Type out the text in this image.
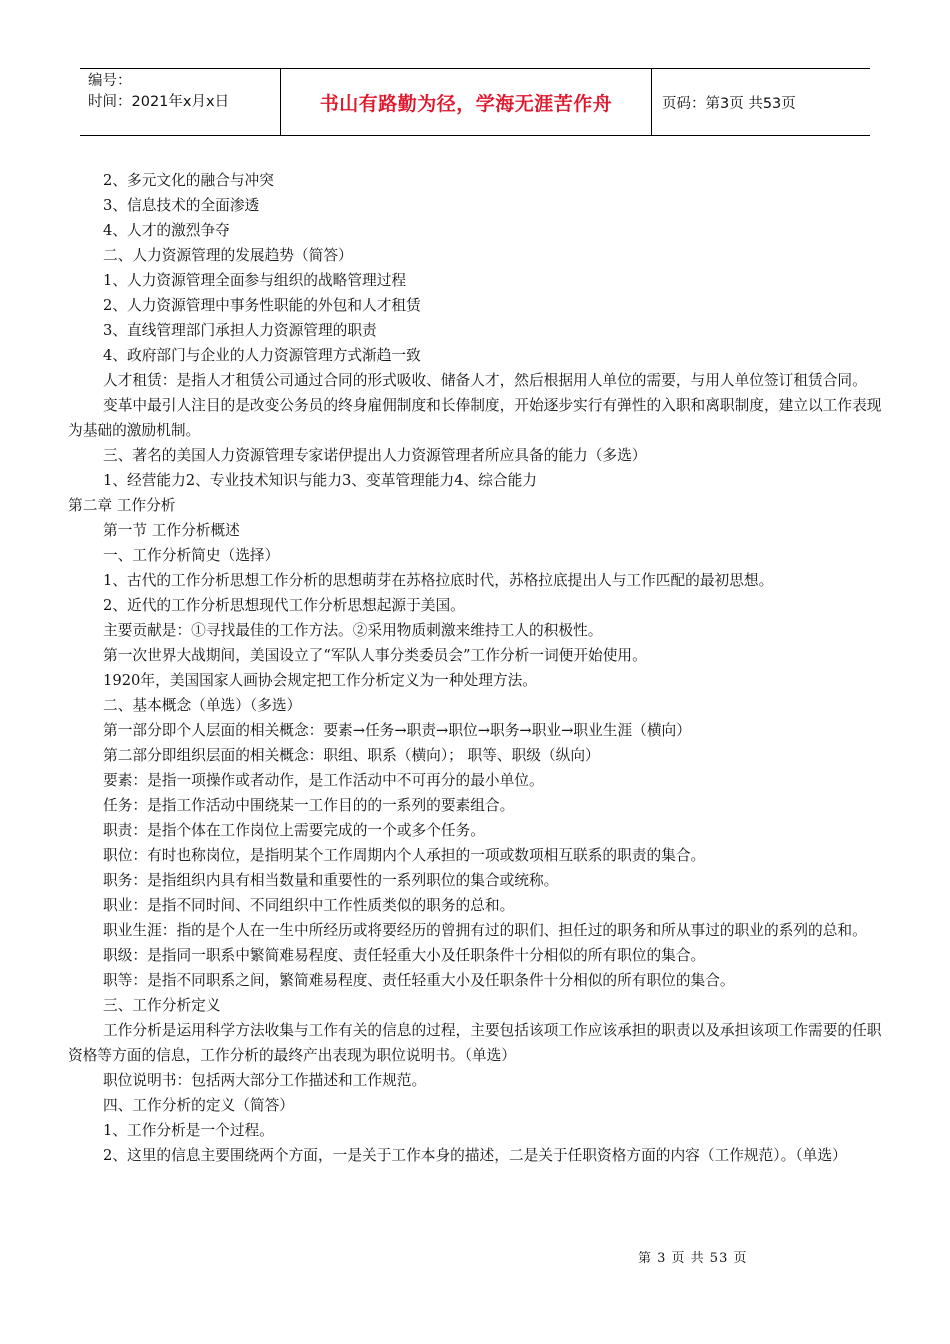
编号：
时间：2021年x月x日	书山有路勤为径，学海无涯苦作舟	页码：第3页 共53页

2、多元文化的融合与冲突

3、信息技术的全面渗透

4、人才的激烈争夺

二、人力资源管理的发展趋势（简答）

1、人力资源管理全面参与组织的战略管理过程

2、人力资源管理中事务性职能的外包和人才租赁

3、直线管理部门承担人力资源管理的职责

4、政府部门与企业的人力资源管理方式渐趋一致

人才租赁：是指人才租赁公司通过合同的形式吸收、储备人才，然后根据用人单位的需要，与用人单位签订租赁合同。

变革中最引人注目的是改变公务员的终身雇佣制度和长俸制度，开始逐步实行有弹性的入职和离职制度，建立以工作表现为基础的激励机制。

三、著名的美国人力资源管理专家诺伊提出人力资源管理者所应具备的能力（多选）

1、经营能力2、专业技术知识与能力3、变革管理能力4、综合能力

第二章 工作分析

第一节 工作分析概述

一、工作分析简史（选择）

1、古代的工作分析思想工作分析的思想萌芽在苏格拉底时代，苏格拉底提出人与工作匹配的最初思想。

2、近代的工作分析思想现代工作分析思想起源于美国。

主要贡献是：①寻找最佳的工作方法。②采用物质刺激来维持工人的积极性。

第一次世界大战期间，美国设立了“军队人事分类委员会”工作分析一词便开始使用。

1920年，美国国家人画协会规定把工作分析定义为一种处理方法。

二、基本概念（单选）（多选）

第一部分即个人层面的相关概念：要素→任务→职责→职位→职务→职业→职业生涯（横向）

第二部分即组织层面的相关概念：职组、职系（横向）； 职等、职级（纵向）

要素：是指一项操作或者动作，是工作活动中不可再分的最小单位。

任务：是指工作活动中围绕某一工作目的的一系列的要素组合。

职责：是指个体在工作岗位上需要完成的一个或多个任务。

职位：有时也称岗位，是指明某个工作周期内个人承担的一项或数项相互联系的职责的集合。

职务：是指组织内具有相当数量和重要性的一系列职位的集合或统称。

职业：是指不同时间、不同组织中工作性质类似的职务的总和。

职业生涯：指的是个人在一生中所经历或将要经历的曾拥有过的职们、担任过的职务和所从事过的职业的系列的总和。

职级：是指同一职系中繁简难易程度、责任轻重大小及任职条件十分相似的所有职位的集合。

职等：是指不同职系之间，繁简难易程度、责任轻重大小及任职条件十分相似的所有职位的集合。

三、工作分析定义

工作分析是运用科学方法收集与工作有关的信息的过程，主要包括该项工作应该承担的职责以及承担该项工作需要的任职资格等方面的信息，工作分析的最终产出表现为职位说明书。（单选）

职位说明书：包括两大部分工作描述和工作规范。

四、工作分析的定义（简答）

1、工作分析是一个过程。

2、这里的信息主要围绕两个方面，一是关于工作本身的描述，二是关于任职资格方面的内容（工作规范）。（单选）

第 3 页 共 53 页
